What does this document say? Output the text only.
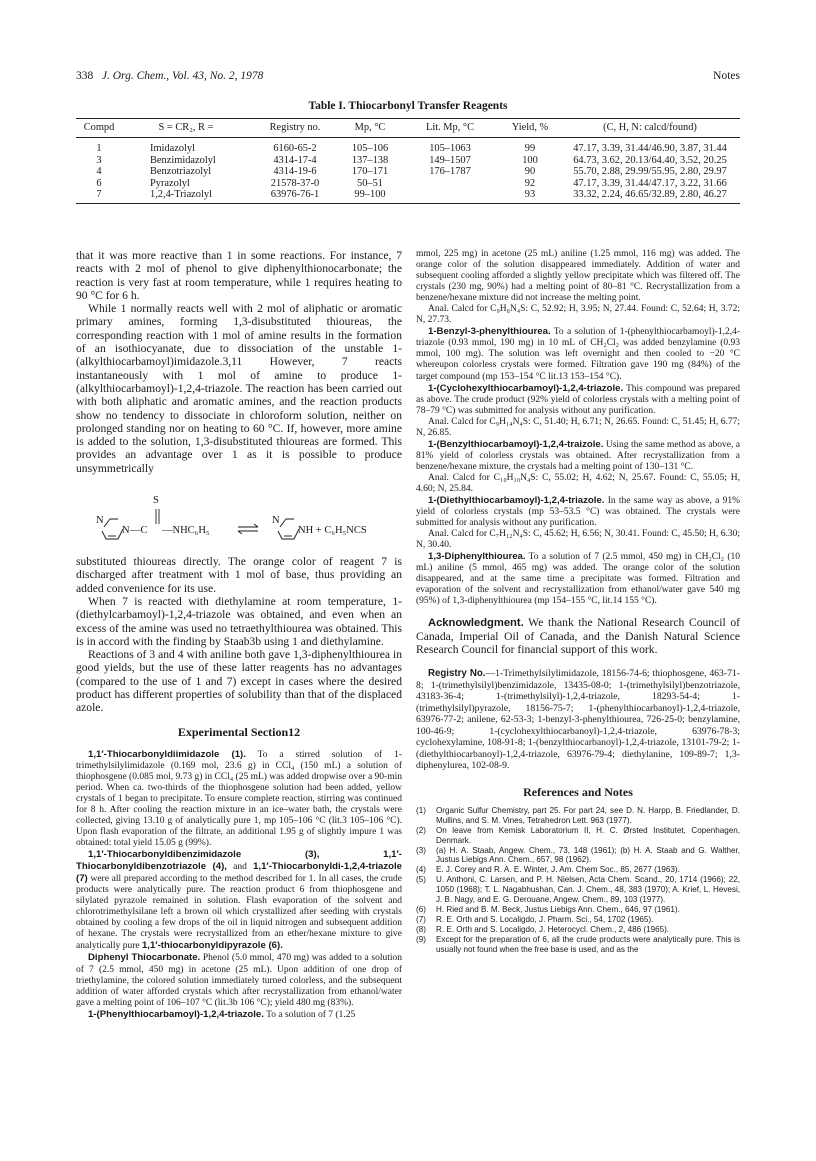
338 J. Org. Chem., Vol. 43, No. 2, 1978	Notes
Table I. Thiocarbonyl Transfer Reagents
Compd	S = CR₂, R =	Registry no.	Mp, °C	Lit. Mp, °C	Yield, %	(C, H, N: calcd/found)
1	Imidazolyl	6160-65-2	105–106	105–1063	99	47.17, 3.39, 31.44/46.90, 3.87, 31.44
3	Benzimidazolyl	4314-17-4	137–138	149–1507	100	64.73, 3.62, 20.13/64.40, 3.52, 20.25
4	Benzotriazolyl	4314-19-6	170–171	176–1787	90	55.70, 2.88, 29.99/55.95, 2.80, 29.97
6	Pyrazolyl	21578-37-0	50–51		92	47.17, 3.39, 31.44/47.17, 3.22, 31.66
7	1,2,4-Triazolyl	63976-76-1	99–100		93	33.32, 2.24, 46.65/32.89, 2.80, 46.27

that it was more reactive than 1 in some reactions. For instance, 7 reacts with 2 mol of phenol to give diphenylthionocarbonate; the reaction is very fast at room temperature, while 1 requires heating to 90 °C for 6 h.

While 1 normally reacts well with 2 mol of aliphatic or aromatic primary amines, forming 1,3-disubstituted thioureas, the corresponding reaction with 1 mol of amine results in the formation of an isothiocyanate, due to dissociation of the unstable 1-(alkylthiocarbamoyl)imidazole.3,11 However, 7 reacts instantaneously with 1 mol of amine to produce 1-(alkylthiocarbamoyl)-1,2,4-triazole. The reaction has been carried out with both aliphatic and aromatic amines, and the reaction products show no tendency to dissociate in chloroform solution, neither on prolonged standing nor on heating to 60 °C. If, however, more amine is added to the solution, 1,3-disubstituted thioureas are formed. This provides an advantage over 1 as it is possible to produce unsymmetrically

S
N
N —C —NHC₆H₅
N
NH + C₆H₅NCS

substituted thioureas directly. The orange color of reagent 7 is discharged after treatment with 1 mol of base, thus providing an added convenience for its use.

When 7 is reacted with diethylamine at room temperature, 1-(diethylcarbamoyl)-1,2,4-triazole was obtained, and even when an excess of the amine was used no tetraethylthiourea was obtained. This is in accord with the finding by Staab3b using 1 and diethylamine.

Reactions of 3 and 4 with aniline both gave 1,3-diphenylthiourea in good yields, but the use of these latter reagents has no advantages (compared to the use of 1 and 7) except in cases where the desired product has different properties of solubility than that of the displaced azole.

Experimental Section12

1,1′-Thiocarbonyldiimidazole (1). To a stirred solution of 1-trimethylsilylimidazole (0.169 mol, 23.6 g) in CCl₄ (150 mL) a solution of thiophosgene (0.085 mol, 9.73 g) in CCl₄ (25 mL) was added dropwise over a 90-min period. When ca. two-thirds of the thiophosgene solution had been added, yellow crystals of 1 began to precipitate. To ensure complete reaction, stirring was continued for 8 h. After cooling the reaction mixture in an ice–water bath, the crystals were collected, giving 13.10 g of analytically pure 1, mp 105–106 °C (lit.3 105–106 °C). Upon flash evaporation of the filtrate, an additional 1.95 g of slightly impure 1 was obtained: total yield 15.05 g (99%).

1,1′-Thiocarbonyldibenzimidazole (3), 1,1′-Thiocarbonyldibenzotriazole (4), and 1,1′-Thiocarbonyldi-1,2,4-triazole (7) were all prepared according to the method described for 1. In all cases, the crude products were analytically pure. The reaction product 6 from thiophosgene and silylated pyrazole remained in solution. Flash evaporation of the solvent and chlorotrimethylsilane left a brown oil which crystallized after seeding with crystals obtained by cooling a few drops of the oil in liquid nitrogen and subsequent addition of hexane. The crystals were recrystallized from an ether/hexane mixture to give analytically pure 1,1′-thiocarbonyldipyrazole (6).

Diphenyl Thiocarbonate. Phenol (5.0 mmol, 470 mg) was added to a solution of 7 (2.5 mmol, 450 mg) in acetone (25 mL). Upon addition of one drop of triethylamine, the colored solution immediately turned colorless, and the subsequent addition of water afforded crystals which after recrystallization from ethanol/water gave a melting point of 106–107 °C (lit.3b 106 °C); yield 480 mg (83%).

1-(Phenylthiocarbamoyl)-1,2,4-triazole. To a solution of 7 (1.25

mmol, 225 mg) in acetone (25 mL) aniline (1.25 mmol, 116 mg) was added. The orange color of the solution disappeared immediately. Addition of water and subsequent cooling afforded a slightly yellow precipitate which was filtered off. The crystals (230 mg, 90%) had a melting point of 80–81 °C. Recrystallization from a benzene/hexane mixture did not increase the melting point.

Anal. Calcd for C₉H₈N₄S: C, 52.92; H, 3.95; N, 27.44. Found: C, 52.64; H, 3.72; N, 27.73.

1-Benzyl-3-phenylthiourea. To a solution of 1-(phenylthiocarbamoyl)-1,2,4-triazole (0.93 mmol, 190 mg) in 10 mL of CH₂Cl₂ was added benzylamine (0.93 mmol, 100 mg). The solution was left overnight and then cooled to −20 °C whereupon colorless crystals were formed. Filtration gave 190 mg (84%) of the target compound (mp 153–154 °C lit.13 153–154 °C).

1-(Cyclohexylthiocarbamoyl)-1,2,4-triazole. This compound was prepared as above. The crude product (92% yield of colorless crystals with a melting point of 78–79 °C) was submitted for analysis without any purification.

Anal. Calcd for C₉H₁₄N₄S: C, 51.40; H, 6.71; N, 26.65. Found: C, 51.45; H, 6.77; N, 26.85.

1-(Benzylthiocarbamoyl)-1,2,4-traizole. Using the same method as above, a 81% yield of colorless crystals was obtained. After recrystallization from a benzene/hexane mixture, the crystals had a melting point of 130–131 °C.

Anal. Calcd for C₁₀H₁₀N₄S: C, 55.02; H, 4.62; N, 25.67. Found: C, 55.05; H, 4.60; N, 25.84.

1-(Diethylthiocarbamoyl)-1,2,4-triazole. In the same way as above, a 91% yield of colorless crystals (mp 53–53.5 °C) was obtained. The crystals were submitted for analysis without any purification.

Anal. Calcd for C₇H₁₂N₄S: C, 45.62; H, 6.56; N, 30.41. Found: C, 45.50; H, 6.30; N, 30.40.

1,3-Diphenylthiourea. To a solution of 7 (2.5 mmol, 450 mg) in CH₂Cl₂ (10 mL) aniline (5 mmol, 465 mg) was added. The orange color of the solution disappeared, and at the same time a precipitate was formed. Filtration and evaporation of the solvent and recrystallization from ethanol/water gave 540 mg (95%) of 1,3-diphenylthiourea (mp 154–155 °C, lit.14 155 °C).

Acknowledgment. We thank the National Research Council of Canada, Imperial Oil of Canada, and the Danish Natural Science Research Council for financial support of this work.

Registry No.—1-Trimethylsilylimidazole, 18156-74-6; thiophosgene, 463-71-8; 1-(trimethylsilyl)benzimidazole, 13435-08-0; 1-(trimethylsilyl)benzotriazole, 43183-36-4; 1-(trimethylsilyl)-1,2,4-triazole, 18293-54-4; 1-(trimethylsilyl)pyrazole, 18156-75-7; 1-(phenylthiocarbanoyl)-1,2,4-triazole, 63976-77-2; anilene, 62-53-3; 1-benzyl-3-phenylthiourea, 726-25-0; benzylamine, 100-46-9; 1-(cyclohexylthiocarbanoyl)-1,2,4-triazole, 63976-78-3; cyclohexylamine, 108-91-8; 1-(benzylthiocarbanoyl)-1,2,4-triazole, 13101-79-2; 1-(diethylthiocarbanoyl)-1,2,4-triazole, 63976-79-4; diethylanine, 109-89-7; 1,3-diphenylurea, 102-08-9.

References and Notes
(1) Organic Sulfur Chemistry, part 25. For part 24, see D. N. Harpp, B. Friedlander, D. Mullins, and S. M. Vines, Tetrahedron Lett. 963 (1977).
(2) On leave from Kemisk Laboratorium II, H. C. Ørsted Institutet, Copenhagen, Denmark.
(3) (a) H. A. Staab, Angew. Chem., 73, 148 (1961); (b) H. A. Staab and G. Walther, Justus Liebigs Ann. Chem., 657, 98 (1962).
(4) E. J. Corey and R. A. E. Winter, J. Am. Chem Soc., 85, 2677 (1963).
(5) U. Anthoni, C. Larsen, and P. H. Nielsen, Acta Chem. Scand., 20, 1714 (1966); 22, 1050 (1968); T. L. Nagabhushan, Can. J. Chem., 48, 383 (1970); A. Krief, L. Hevesi, J. B. Nagy, and E. G. Derouane, Angew. Chem., 89, 103 (1977).
(6) H. Ried and B. M. Beck, Justus Liebigs Ann. Chem., 646, 97 (1961).
(7) R. E. Orth and S. Localigdo, J. Pharm. Sci., 54, 1702 (1965).
(8) R. E. Orth and S. Localigdo, J. Heterocycl. Chem., 2, 486 (1965).
(9) Except for the preparation of 6, all the crude products were analytically pure. This is usually not found when the free base is used, and as the
